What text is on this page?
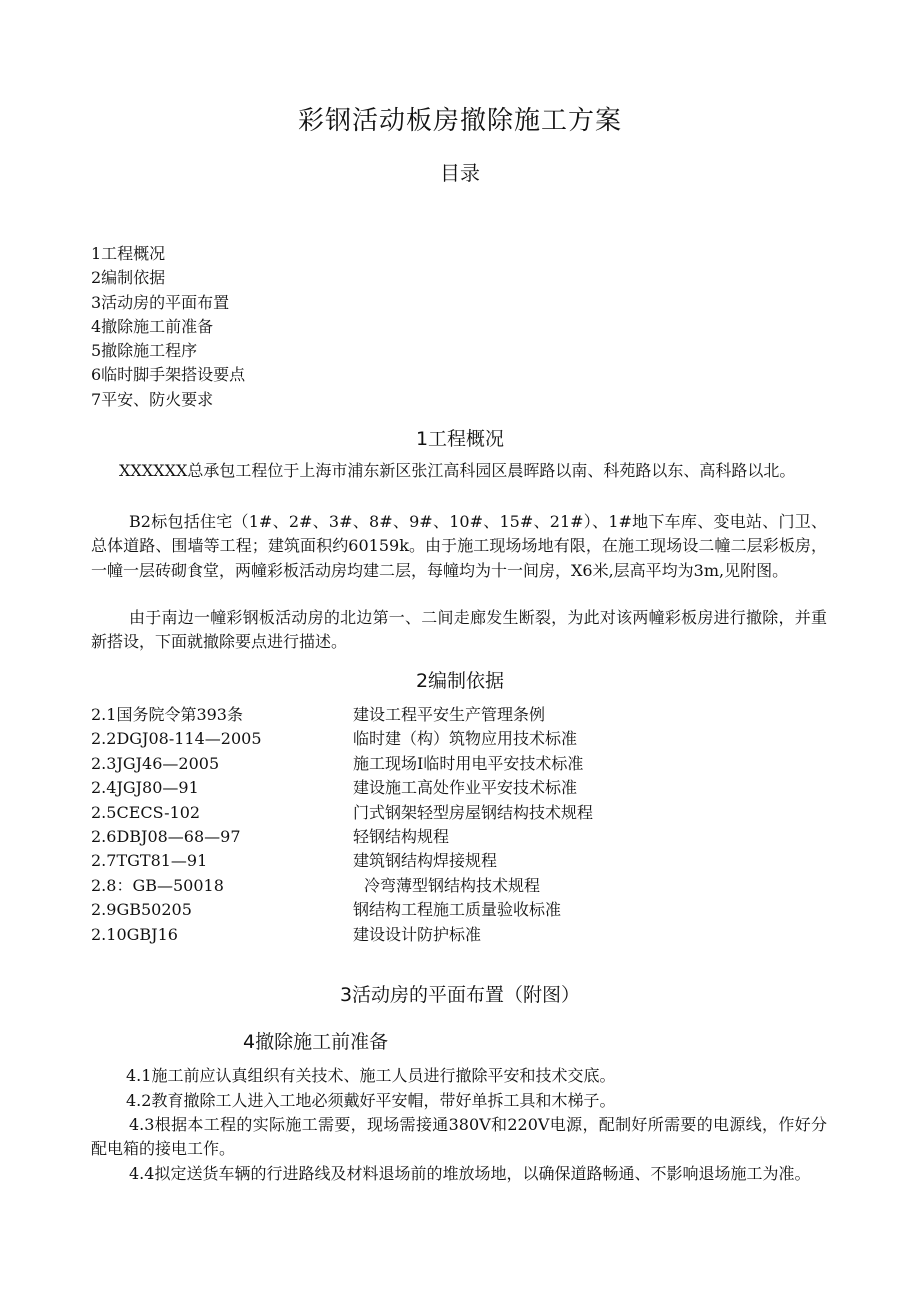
彩钢活动板房撤除施工方案
目录
1工程概况
2编制依据
3活动房的平面布置
4撤除施工前准备
5撤除施工程序
6临时脚手架搭设要点
7平安、防火要求
1工程概况

XXXXXX总承包工程位于上海市浦东新区张江高科园区晨晖路以南、科苑路以东、高科路以北。

B2标包括住宅（1#、2#、3#、8#、9#、10#、15#、21#）、1#地下车库、变电站、门卫、总体道路、围墙等工程；建筑面积约60159k。由于施工现场场地有限，在施工现场设二幢二层彩板房，一幢一层砖砌食堂，两幢彩板活动房均建二层，每幢均为十一间房，X6米,层高平均为3m,见附图。

由于南边一幢彩钢板活动房的北边第一、二间走廊发生断裂，为此对该两幢彩板房进行撤除，并重新搭设，下面就撤除要点进行描述。

2编制依据
2.1国务院令第393条	建设工程平安生产管理条例
2.2DGJ08-114—2005	临时建（构）筑物应用技术标准
2.3JGJ46—2005	施工现场I临时用电平安技术标准
2.4JGJ80—91	建设施工高处作业平安技术标准
2.5CECS-102	门式钢架轻型房屋钢结构技术规程
2.6DBJ08—68—97	轻钢结构规程
2.7TGT81—91	建筑钢结构焊接规程
2.8：GB—50018	冷弯薄型钢结构技术规程
2.9GB50205	钢结构工程施工质量验收标准
2.10GBJ16	建设设计防护标准
3活动房的平面布置（附图）
4撤除施工前准备

4.1施工前应认真组织有关技术、施工人员进行撤除平安和技术交底。

4.2教育撤除工人进入工地必须戴好平安帽，带好单拆工具和木梯子。

4.3根据本工程的实际施工需要，现场需接通380V和220V电源，配制好所需要的电源线，作好分配电箱的接电工作。

4.4拟定送货车辆的行进路线及材料退场前的堆放场地，以确保道路畅通、不影响退场施工为准。
